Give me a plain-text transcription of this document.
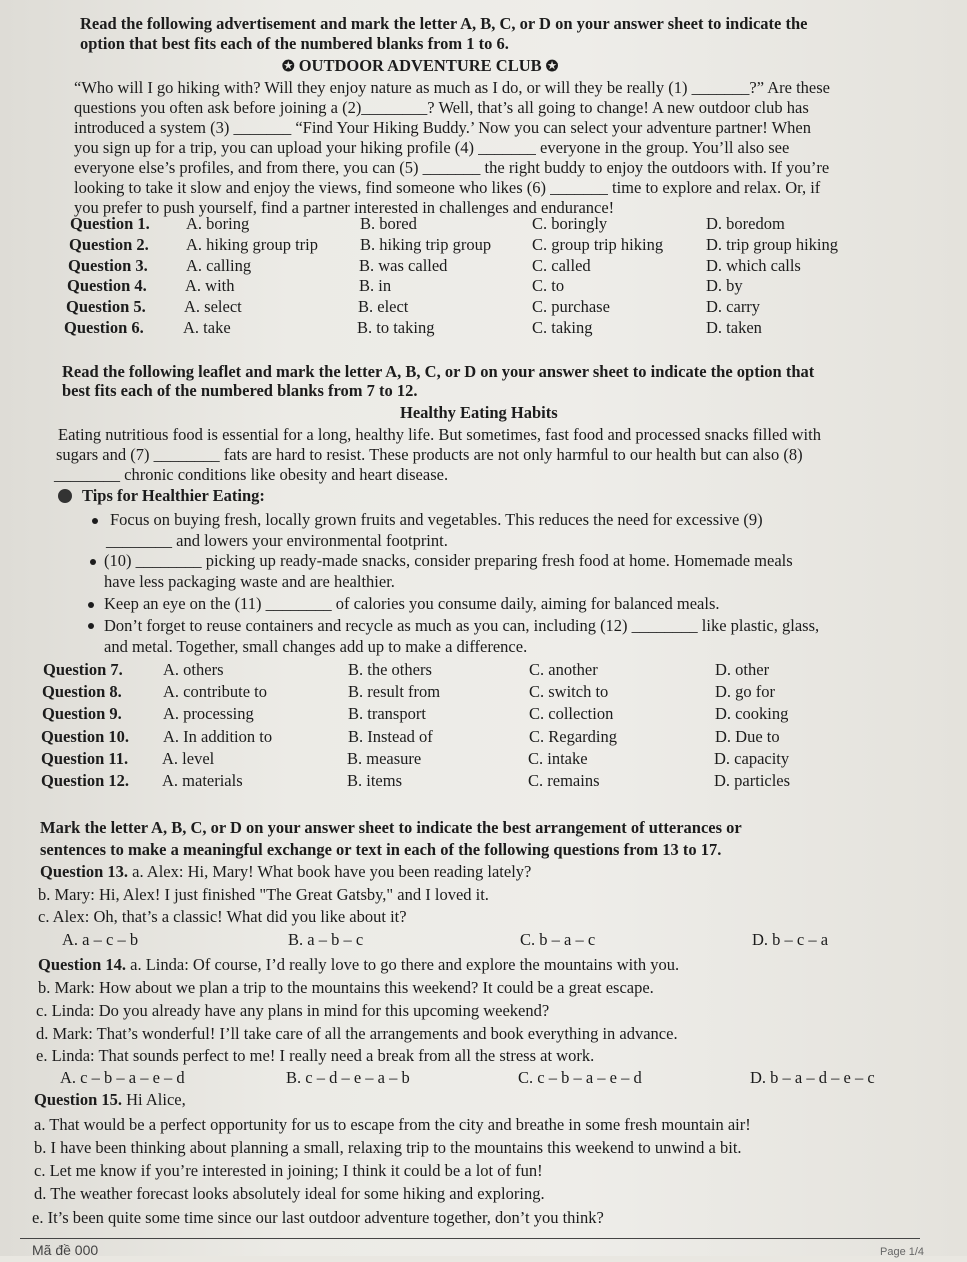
Read the following advertisement and mark the letter A, B, C, or D on your answer sheet to indicate the

option that best fits each of the numbered blanks from 1 to 6.

✪ OUTDOOR ADVENTURE CLUB ✪

“Who will I go hiking with? Will they enjoy nature as much as I do, or will they be really (1) _______?” Are these

questions you often ask before joining a (2)________? Well, that’s all going to change! A new outdoor club has

introduced a system (3) _______ “Find Your Hiking Buddy.’ Now you can select your adventure partner! When

you sign up for a trip, you can upload your hiking profile (4) _______ everyone in the group. You’ll also see

everyone else’s profiles, and from there, you can (5) _______ the right buddy to enjoy the outdoors with. If you’re

looking to take it slow and enjoy the views, find someone who likes (6) _______ time to explore and relax. Or, if

you prefer to push yourself, find a partner interested in challenges and endurance!

Question 1. A. boring	B. bored	C. boringly	D. boredom
Question 2. A. hiking group trip	B. hiking trip group C. group trip hiking	D. trip group hiking
Question 3. A. calling	B. was called	C. called	D. which calls
Question 4. A. with	B. in	C. to	D. by
Question 5. A. select	B. elect	C. purchase	D. carry
Question 6. A. take	B. to taking	C. taking	D. taken

Read the following leaflet and mark the letter A, B, C, or D on your answer sheet to indicate the option that

best fits each of the numbered blanks from 7 to 12.

Healthy Eating Habits

Eating nutritious food is essential for a long, healthy life. But sometimes, fast food and processed snacks filled with

sugars and (7) ________ fats are hard to resist. These products are not only harmful to our health but can also (8)

________ chronic conditions like obesity and heart disease.

Tips for Healthier Eating:

Focus on buying fresh, locally grown fruits and vegetables. This reduces the need for excessive (9)

________ and lowers your environmental footprint.

(10) ________ picking up ready-made snacks, consider preparing fresh food at home. Homemade meals

have less packaging waste and are healthier.

Keep an eye on the (11) ________ of calories you consume daily, aiming for balanced meals.

Don’t forget to reuse containers and recycle as much as you can, including (12) ________ like plastic, glass,

and metal. Together, small changes add up to make a difference.

Question 7. A. others	B. the others	C. another	D. other
Question 8. A. contribute to	B. result from	C. switch to	D. go for
Question 9. A. processing	B. transport	C. collection	D. cooking
Question 10. A. In addition to	B. Instead of	C. Regarding	D. Due to
Question 11. A. level	B. measure	C. intake	D. capacity
Question 12. A. materials	B. items	C. remains	D. particles

Mark the letter A, B, C, or D on your answer sheet to indicate the best arrangement of utterances or

sentences to make a meaningful exchange or text in each of the following questions from 13 to 17.

Question 13. a. Alex: Hi, Mary! What book have you been reading lately?

b. Mary: Hi, Alex! I just finished "The Great Gatsby," and I loved it.

c. Alex: Oh, that’s a classic! What did you like about it?

A. a – c – b	B. a – b – c	C. b – a – c	D. b – c – a

Question 14. a. Linda: Of course, I’d really love to go there and explore the mountains with you.

b. Mark: How about we plan a trip to the mountains this weekend? It could be a great escape.

c. Linda: Do you already have any plans in mind for this upcoming weekend?

d. Mark: That’s wonderful! I’ll take care of all the arrangements and book everything in advance.

e. Linda: That sounds perfect to me! I really need a break from all the stress at work.

A. c – b – a – e – d	B. c – d – e – a – b	C. c – b – a – e – d	D. b – a – d – e – c

Question 15. Hi Alice,

a. That would be a perfect opportunity for us to escape from the city and breathe in some fresh mountain air!

b. I have been thinking about planning a small, relaxing trip to the mountains this weekend to unwind a bit.

c. Let me know if you’re interested in joining; I think it could be a lot of fun!

d. The weather forecast looks absolutely ideal for some hiking and exploring.

e. It’s been quite some time since our last outdoor adventure together, don’t you think?

Mã đề 000	Page 1/4
